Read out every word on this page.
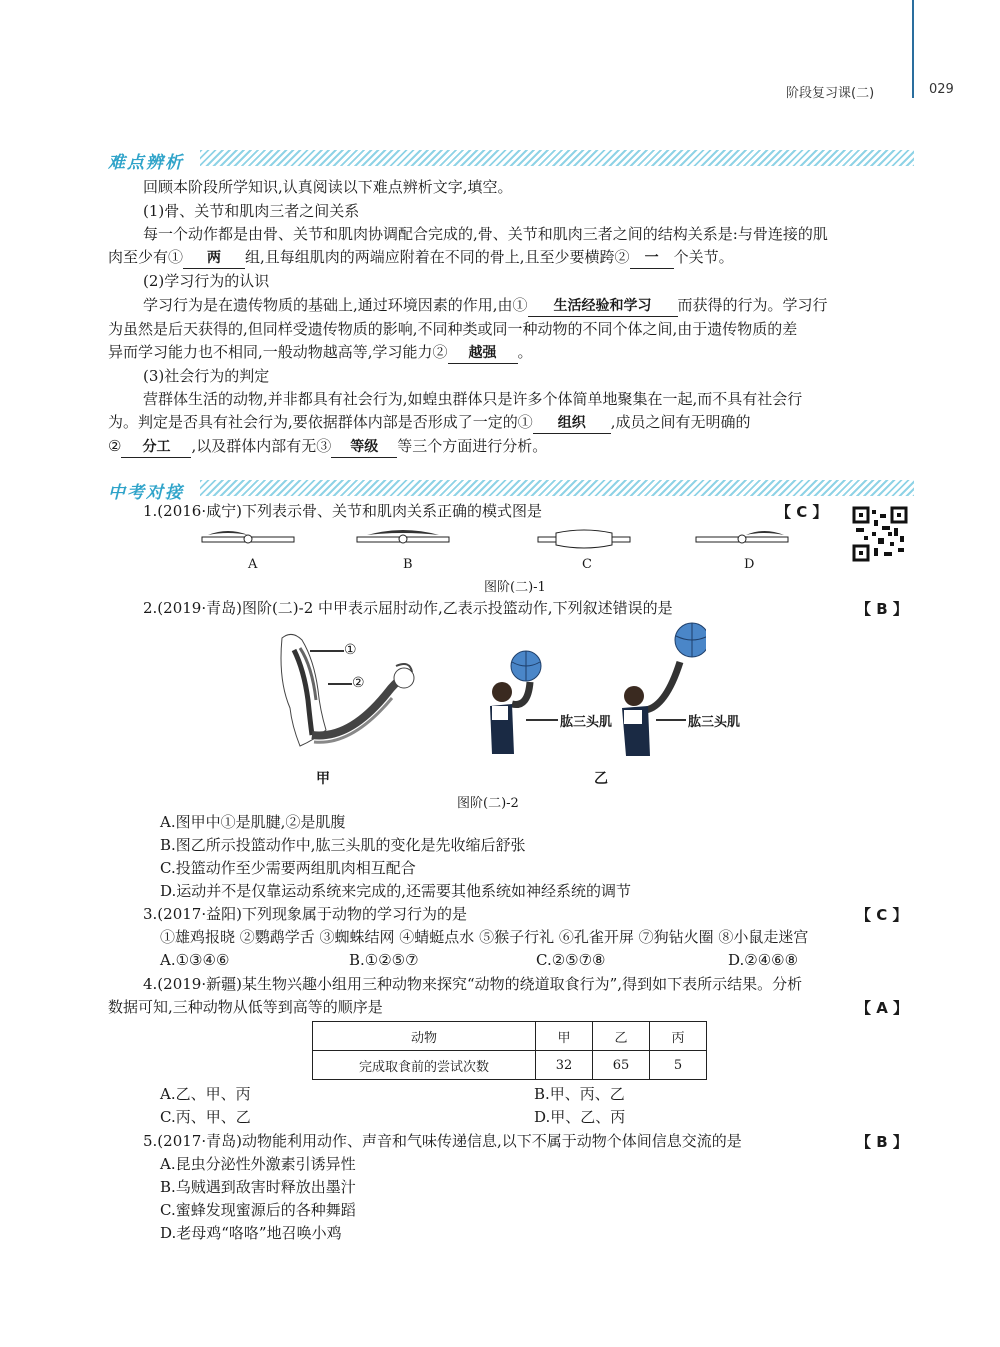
阶段复习课(二)	029
难点辨析
回顾本阶段所学知识,认真阅读以下难点辨析文字,填空。
(1)骨、关节和肌肉三者之间关系
每一个动作都是由骨、关节和肌肉协调配合完成的,骨、关节和肌肉三者之间的结构关系是:与骨连接的肌
肉至少有① 两 组,且每组肌肉的两端应附着在不同的骨上,且至少要横跨② 一 个关节。
(2)学习行为的认识
学习行为是在遗传物质的基础上,通过环境因素的作用,由① 生活经验和学习 而获得的行为。学习行
为虽然是后天获得的,但同样受遗传物质的影响,不同种类或同一种动物的不同个体之间,由于遗传物质的差
异而学习能力也不相同,一般动物越高等,学习能力② 越强 。
(3)社会行为的判定
营群体生活的动物,并非都具有社会行为,如蝗虫群体只是许多个体简单地聚集在一起,而不具有社会行
为。判定是否具有社会行为,要依据群体内部是否形成了一定的① 组织 ,成员之间有无明确的
② 分工 ,以及群体内部有无③ 等级 等三个方面进行分析。
中考对接
1.(2016·咸宁)下列表示骨、关节和肌肉关系正确的模式图是	【 C 】
A	B	C	D
图阶(二)-1
2.(2019·青岛)图阶(二)-2 中甲表示屈肘动作,乙表示投篮动作,下列叙述错误的是	【 B 】
①
②
甲
肱三头肌	肱三头肌
乙
图阶(二)-2
A.图甲中①是肌腱,②是肌腹
B.图乙所示投篮动作中,肱三头肌的变化是先收缩后舒张
C.投篮动作至少需要两组肌肉相互配合
D.运动并不是仅靠运动系统来完成的,还需要其他系统如神经系统的调节
3.(2017·益阳)下列现象属于动物的学习行为的是	【 C 】
①雄鸡报晓 ②鹦鹉学舌 ③蜘蛛结网 ④蜻蜓点水 ⑤猴子行礼 ⑥孔雀开屏 ⑦狗钻火圈 ⑧小鼠走迷宫
A.①③④⑥	B.①②⑤⑦	C.②⑤⑦⑧	D.②④⑥⑧
4.(2019·新疆)某生物兴趣小组用三种动物来探究“动物的绕道取食行为”,得到如下表所示结果。分析
数据可知,三种动物从低等到高等的顺序是	【 A 】
动物	甲	乙	丙
完成取食前的尝试次数	32	65	5
A.乙、甲、丙	B.甲、丙、乙
C.丙、甲、乙	D.甲、乙、丙
5.(2017·青岛)动物能利用动作、声音和气味传递信息,以下不属于动物个体间信息交流的是	【 B 】
A.昆虫分泌性外激素引诱异性
B.乌贼遇到敌害时释放出墨汁
C.蜜蜂发现蜜源后的各种舞蹈
D.老母鸡“咯咯”地召唤小鸡
